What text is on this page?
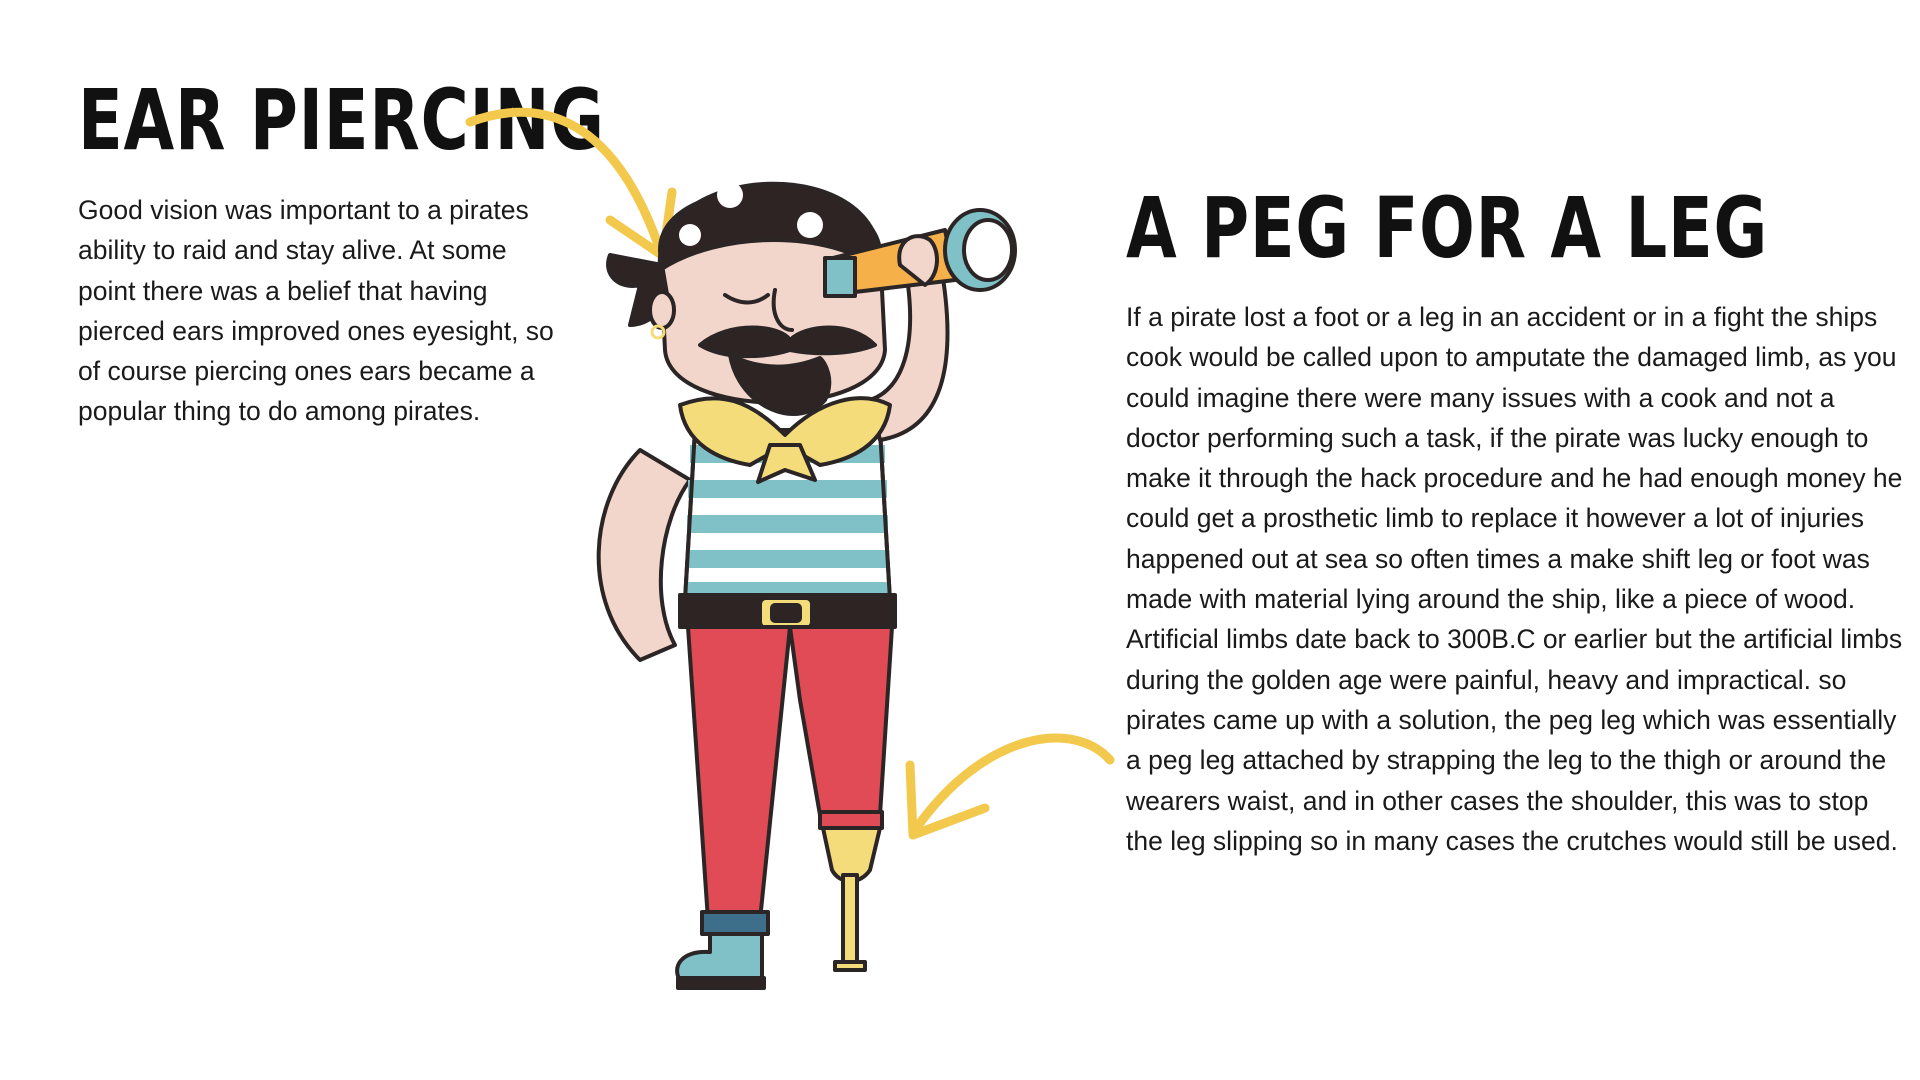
EAR PIERCING

Good vision was important to a pirates ability to raid and stay alive. At some point there was a belief that having pierced ears improved ones eyesight, so of course piercing ones ears became a popular thing to do among pirates.

A PEG FOR A LEG

If a pirate lost a foot or a leg in an accident or in a fight the ships cook would be called upon to amputate the damaged limb, as you could imagine there were many issues with a cook and not a doctor performing such a task, if the pirate was lucky enough to make it through the hack procedure and he had enough money he could get a prosthetic limb to replace it however a lot of injuries happened out at sea so often times a make shift leg or foot was made with material lying around the ship, like a piece of wood. Artificial limbs date back to 300B.C or earlier but the artificial limbs during the golden age were painful, heavy and impractical. so pirates came up with a solution, the peg leg which was essentially a peg leg attached by strapping the leg to the thigh or around the wearers waist, and in other cases the shoulder, this was to stop the leg slipping so in many cases the crutches would still be used.
